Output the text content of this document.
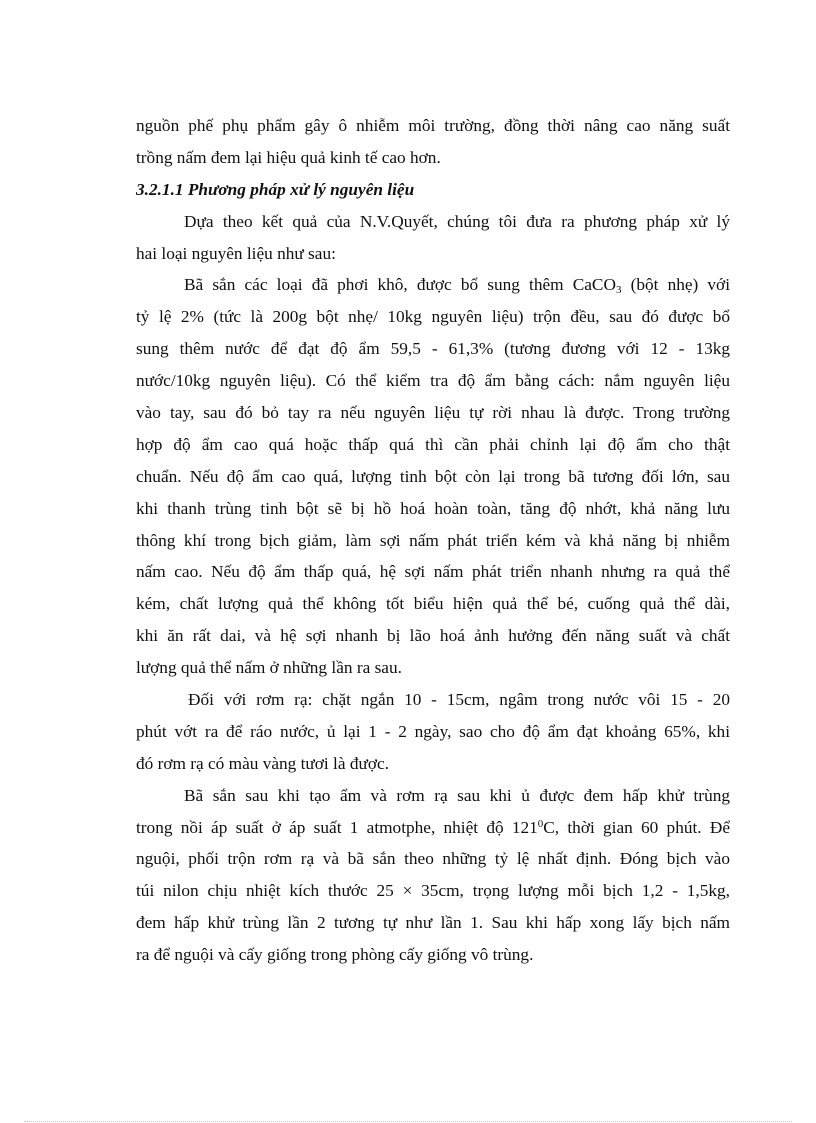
nguồn phế phụ phẩm gây ô nhiễm môi trường, đồng thời nâng cao năng suất
trồng nấm đem lại hiệu quả kinh tế cao hơn.
3.2.1.1 Phương pháp xử lý nguyên liệu
Dựa theo kết quả của N.V.Quyết, chúng tôi đưa ra phương pháp xử lý
hai loại nguyên liệu như sau:
Bã sắn các loại đã phơi khô, được bổ sung thêm CaCO$_3$ (bột nhẹ) với
tỷ lệ 2% (tức là 200g bột nhẹ/ 10kg nguyên liệu) trộn đều, sau đó được bổ
sung thêm nước để đạt độ ẩm 59,5 - 61,3% (tương đương với 12 - 13kg
nước/10kg nguyên liệu). Có thể kiểm tra độ ẩm bằng cách: nắm nguyên liệu
vào tay, sau đó bỏ tay ra nếu nguyên liệu tự rời nhau là được. Trong trường
hợp độ ẩm cao quá hoặc thấp quá thì cần phải chỉnh lại độ ẩm cho thật
chuẩn. Nếu độ ẩm cao quá, lượng tinh bột còn lại trong bã tương đối lớn, sau
khi thanh trùng tinh bột sẽ bị hồ hoá hoàn toàn, tăng độ nhớt, khả năng lưu
thông khí trong bịch giảm, làm sợi nấm phát triển kém và khả năng bị nhiễm
nấm cao. Nếu độ ẩm thấp quá, hệ sợi nấm phát triển nhanh nhưng ra quả thể
kém, chất lượng quả thể không tốt biểu hiện quả thể bé, cuống quả thể dài,
khi ăn rất dai, và hệ sợi nhanh bị lão hoá ảnh hưởng đến năng suất và chất
lượng quả thể nấm ở những lần ra sau.
Đối với rơm rạ: chặt ngắn 10 - 15cm, ngâm trong nước vôi 15 - 20
phút vớt ra để ráo nước, ủ lại 1 - 2 ngày, sao cho độ ẩm đạt khoảng 65%, khi
đó rơm rạ có màu vàng tươi là được.
Bã sắn sau khi tạo ẩm và rơm rạ sau khi ủ được đem hấp khử trùng
trong nồi áp suất ở áp suất 1 atmotphe, nhiệt độ $121^0C$, thời gian 60 phút. Để
nguội, phối trộn rơm rạ và bã sắn theo những tỷ lệ nhất định. Đóng bịch vào
túi nilon chịu nhiệt kích thước 25 × 35cm, trọng lượng mỗi bịch 1,2 - 1,5kg,
đem hấp khử trùng lần 2 tương tự như lần 1. Sau khi hấp xong lấy bịch nấm
ra để nguội và cấy giống trong phòng cấy giống vô trùng.
